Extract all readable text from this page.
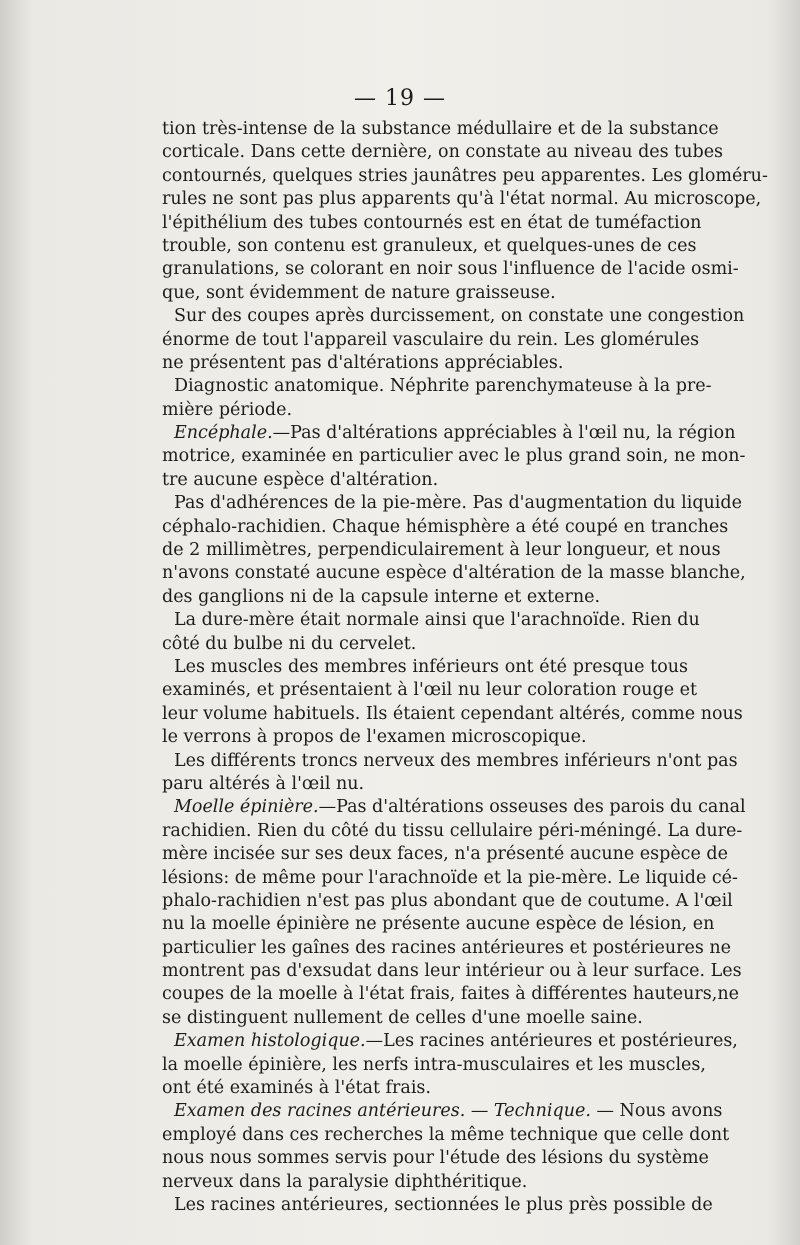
— 19 —
tion très-intense de la substance médullaire et de la substance
corticale. Dans cette dernière, on constate au niveau des tubes
contournés, quelques stries jaunâtres peu apparentes. Les gloméru-
rules ne sont pas plus apparents qu'à l'état normal. Au microscope,
l'épithélium des tubes contournés est en état de tuméfaction
trouble, son contenu est granuleux, et quelques-unes de ces
granulations, se colorant en noir sous l'influence de l'acide osmi-
que, sont évidemment de nature graisseuse.
Sur des coupes après durcissement, on constate une congestion
énorme de tout l'appareil vasculaire du rein. Les glomérules
ne présentent pas d'altérations appréciables.
Diagnostic anatomique. Néphrite parenchymateuse à la pre-
mière période.
Encéphale.—Pas d'altérations appréciables à l'œil nu, la région
motrice, examinée en particulier avec le plus grand soin, ne mon-
tre aucune espèce d'altération.
Pas d'adhérences de la pie-mère. Pas d'augmentation du liquide
céphalo-rachidien. Chaque hémisphère a été coupé en tranches
de 2 millimètres, perpendiculairement à leur longueur, et nous
n'avons constaté aucune espèce d'altération de la masse blanche,
des ganglions ni de la capsule interne et externe.
La dure-mère était normale ainsi que l'arachnoïde. Rien du
côté du bulbe ni du cervelet.
Les muscles des membres inférieurs ont été presque tous
examinés, et présentaient à l'œil nu leur coloration rouge et
leur volume habituels. Ils étaient cependant altérés, comme nous
le verrons à propos de l'examen microscopique.
Les différents troncs nerveux des membres inférieurs n'ont pas
paru altérés à l'œil nu.
Moelle épinière.—Pas d'altérations osseuses des parois du canal
rachidien. Rien du côté du tissu cellulaire péri-méningé. La dure-
mère incisée sur ses deux faces, n'a présenté aucune espèce de
lésions: de même pour l'arachnoïde et la pie-mère. Le liquide cé-
phalo-rachidien n'est pas plus abondant que de coutume. A l'œil
nu la moelle épinière ne présente aucune espèce de lésion, en
particulier les gaînes des racines antérieures et postérieures ne
montrent pas d'exsudat dans leur intérieur ou à leur surface. Les
coupes de la moelle à l'état frais, faites à différentes hauteurs,ne
se distinguent nullement de celles d'une moelle saine.
Examen histologique.—Les racines antérieures et postérieures,
la moelle épinière, les nerfs intra-musculaires et les muscles,
ont été examinés à l'état frais.
Examen des racines antérieures. — Technique. — Nous avons
employé dans ces recherches la même technique que celle dont
nous nous sommes servis pour l'étude des lésions du système
nerveux dans la paralysie diphthéritique.
Les racines antérieures, sectionnées le plus près possible de
